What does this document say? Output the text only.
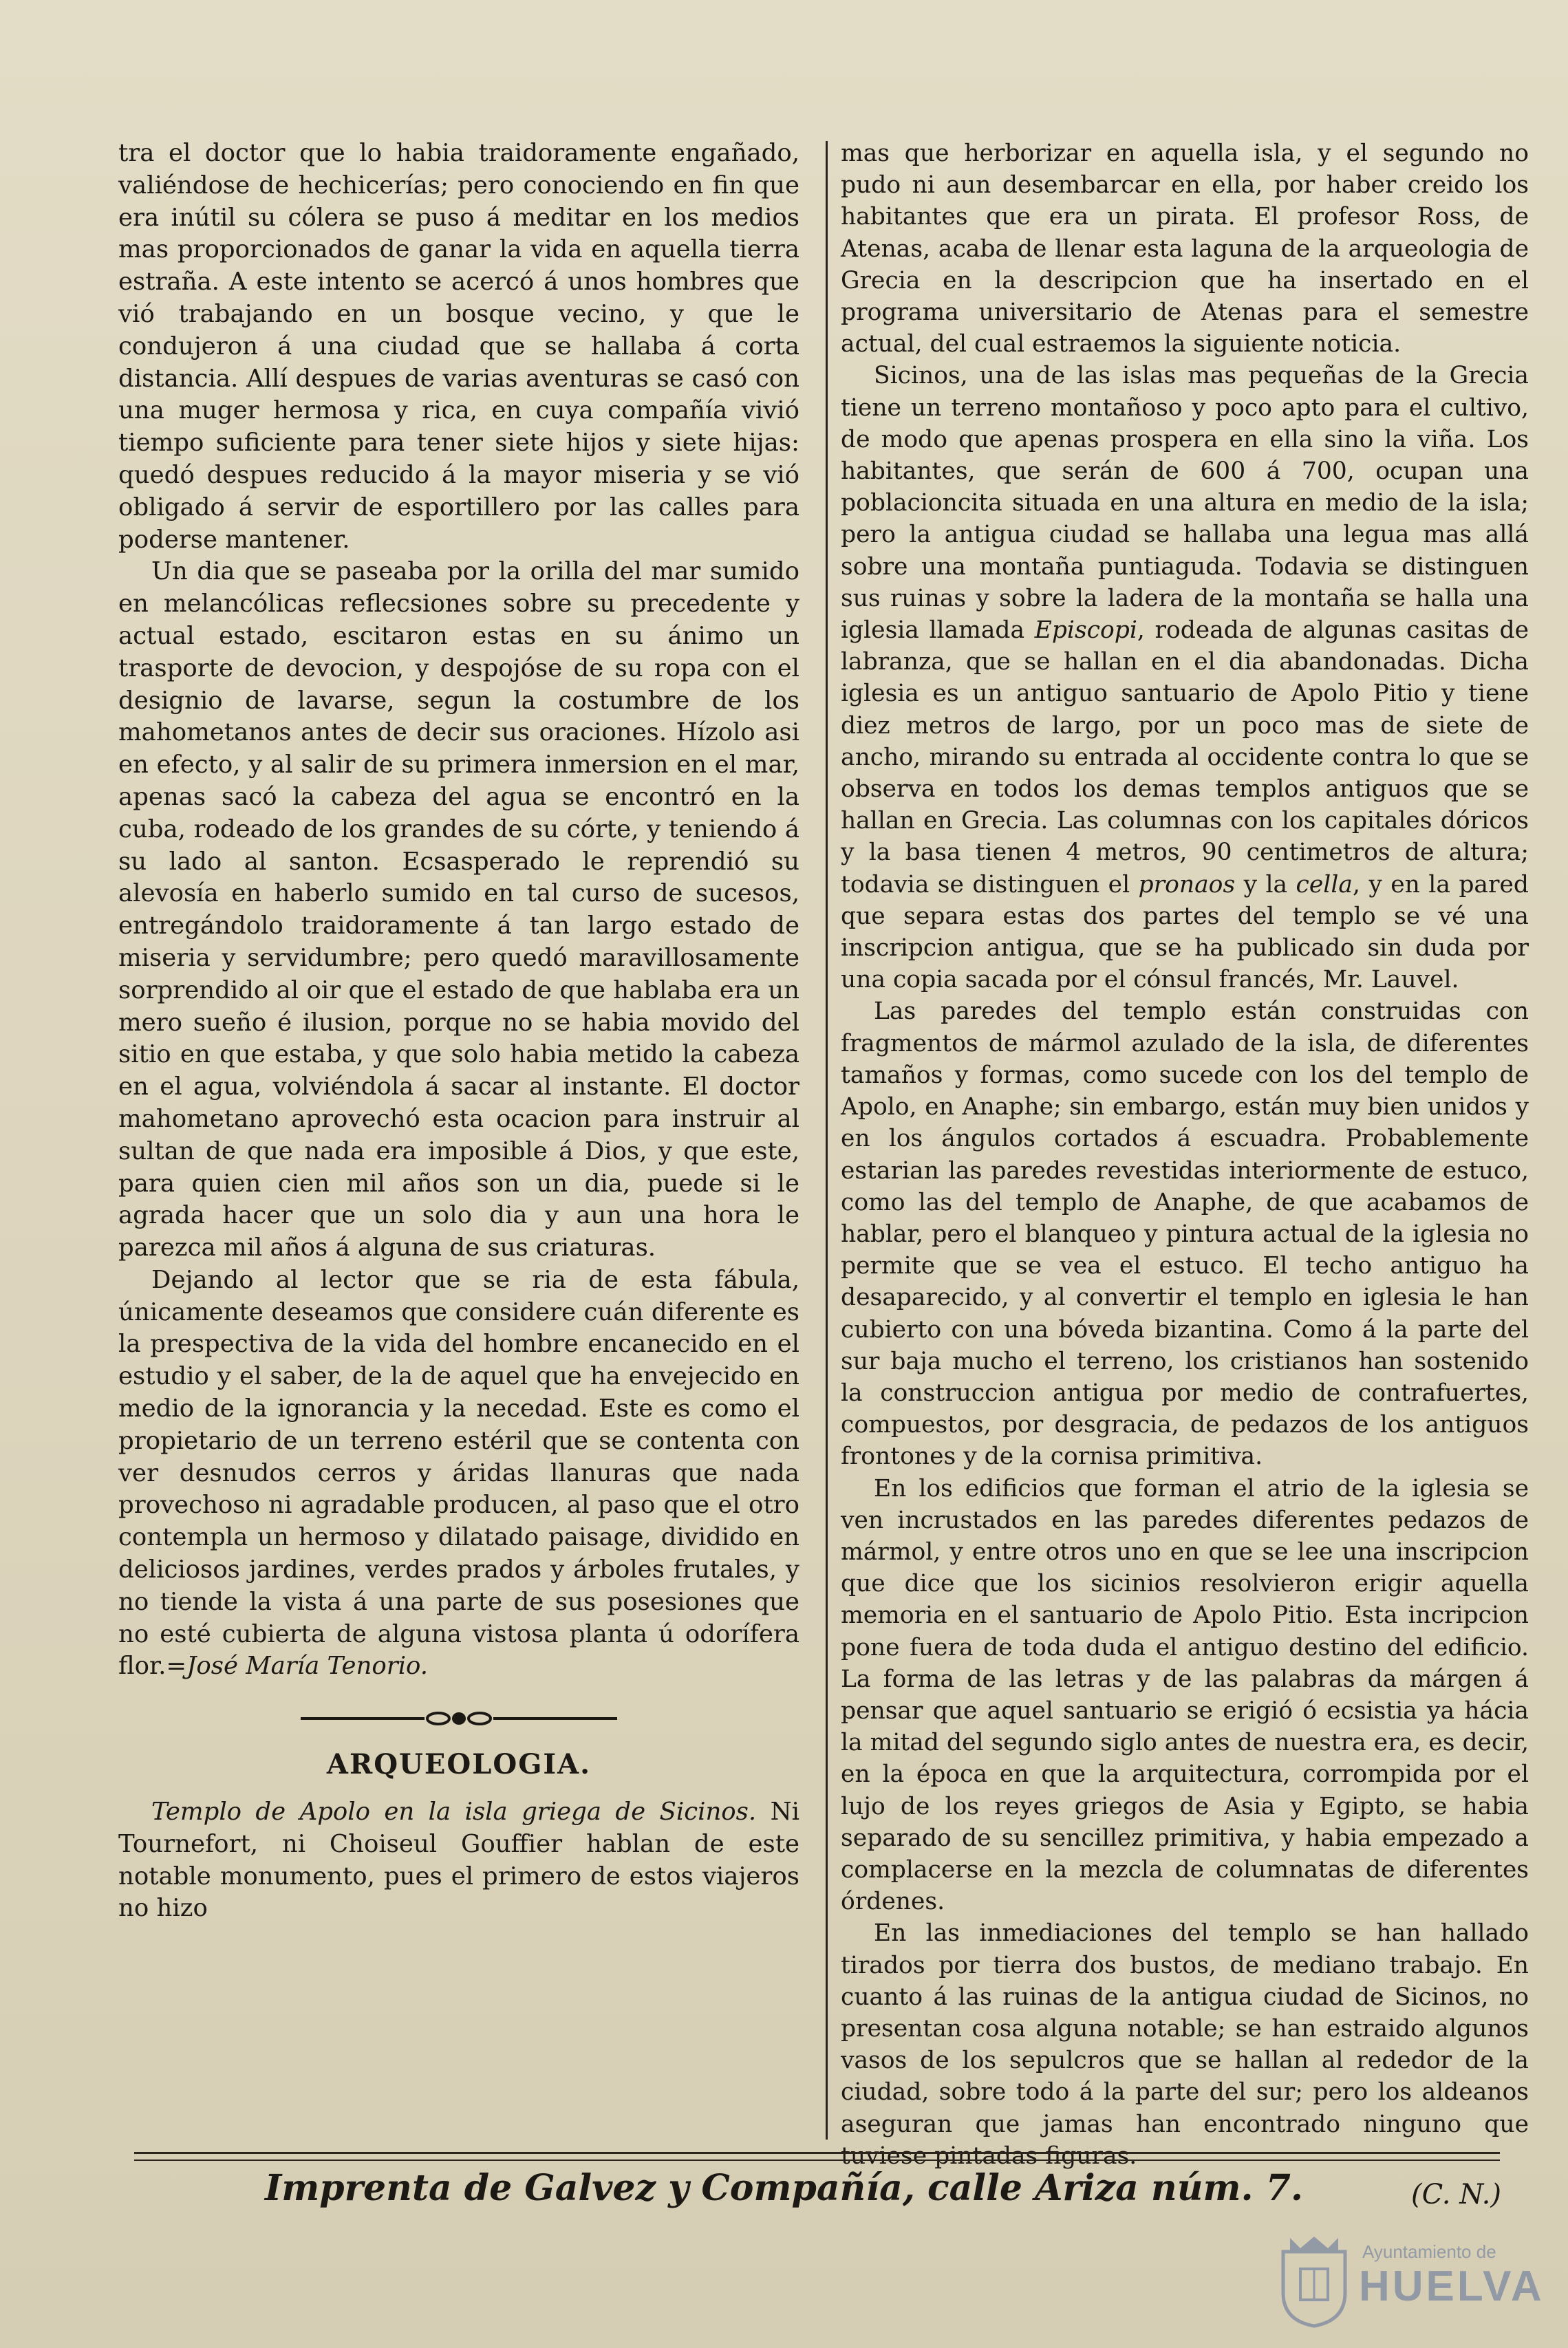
tra el doctor que lo habia traidoramente engañado, valiéndose de hechicerías; pero conociendo en fin que era inútil su cólera se puso á meditar en los medios mas proporcionados de ganar la vida en aquella tierra estraña. A este intento se acercó á unos hombres que vió trabajando en un bosque vecino, y que le condujeron á una ciudad que se hallaba á corta distancia. Allí despues de varias aventuras se casó con una muger hermosa y rica, en cuya compañía vivió tiempo suficiente para tener siete hijos y siete hijas: quedó despues reducido á la mayor miseria y se vió obligado á servir de esportillero por las calles para poderse mantener.

Un dia que se paseaba por la orilla del mar sumido en melancólicas reflecsiones sobre su precedente y actual estado, escitaron estas en su ánimo un trasporte de devocion, y despojóse de su ropa con el designio de lavarse, segun la costumbre de los mahometanos antes de decir sus oraciones. Hízolo asi en efecto, y al salir de su primera inmersion en el mar, apenas sacó la cabeza del agua se encontró en la cuba, rodeado de los grandes de su córte, y teniendo á su lado al santon. Ecsasperado le reprendió su alevosía en haberlo sumido en tal curso de sucesos, entregándolo traidoramente á tan largo estado de miseria y servidumbre; pero quedó maravillosamente sorprendido al oir que el estado de que hablaba era un mero sueño é ilusion, porque no se habia movido del sitio en que estaba, y que solo habia metido la cabeza en el agua, volviéndola á sacar al instante. El doctor mahometano aprovechó esta ocacion para instruir al sultan de que nada era imposible á Dios, y que este, para quien cien mil años son un dia, puede si le agrada hacer que un solo dia y aun una hora le parezca mil años á alguna de sus criaturas.

Dejando al lector que se ria de esta fábula, únicamente deseamos que considere cuán diferente es la prespectiva de la vida del hombre encanecido en el estudio y el saber, de la de aquel que ha envejecido en medio de la ignorancia y la necedad. Este es como el propietario de un terreno estéril que se contenta con ver desnudos cerros y áridas llanuras que nada provechoso ni agradable producen, al paso que el otro contempla un hermoso y dilatado paisage, dividido en deliciosos jardines, verdes prados y árboles frutales, y no tiende la vista á una parte de sus posesiones que no esté cubierta de alguna vistosa planta ú odorífera flor.=José María Tenorio.

ARQUEOLOGIA.

Templo de Apolo en la isla griega de Sicinos. Ni Tournefort, ni Choiseul Gouffier hablan de este notable monumento, pues el primero de estos viajeros no hizo

mas que herborizar en aquella isla, y el segundo no pudo ni aun desembarcar en ella, por haber creido los habitantes que era un pirata. El profesor Ross, de Atenas, acaba de llenar esta laguna de la arqueologia de Grecia en la descripcion que ha insertado en el programa universitario de Atenas para el semestre actual, del cual estraemos la siguiente noticia.

Sicinos, una de las islas mas pequeñas de la Grecia tiene un terreno montañoso y poco apto para el cultivo, de modo que apenas prospera en ella sino la viña. Los habitantes, que serán de 600 á 700, ocupan una poblacioncita situada en una altura en medio de la isla; pero la antigua ciudad se hallaba una legua mas allá sobre una montaña puntiaguda. Todavia se distinguen sus ruinas y sobre la ladera de la montaña se halla una iglesia llamada Episcopi, rodeada de algunas casitas de labranza, que se hallan en el dia abandonadas. Dicha iglesia es un antiguo santuario de Apolo Pitio y tiene diez metros de largo, por un poco mas de siete de ancho, mirando su entrada al occidente contra lo que se observa en todos los demas templos antiguos que se hallan en Grecia. Las columnas con los capitales dóricos y la basa tienen 4 metros, 90 centimetros de altura; todavia se distinguen el pronaos y la cella, y en la pared que separa estas dos partes del templo se vé una inscripcion antigua, que se ha publicado sin duda por una copia sacada por el cónsul francés, Mr. Lauvel.

Las paredes del templo están construidas con fragmentos de mármol azulado de la isla, de diferentes tamaños y formas, como sucede con los del templo de Apolo, en Anaphe; sin embargo, están muy bien unidos y en los ángulos cortados á escuadra. Probablemente estarian las paredes revestidas interiormente de estuco, como las del templo de Anaphe, de que acabamos de hablar, pero el blanqueo y pintura actual de la iglesia no permite que se vea el estuco. El techo antiguo ha desaparecido, y al convertir el templo en iglesia le han cubierto con una bóveda bizantina. Como á la parte del sur baja mucho el terreno, los cristianos han sostenido la construccion antigua por medio de contrafuertes, compuestos, por desgracia, de pedazos de los antiguos frontones y de la cornisa primitiva.

En los edificios que forman el atrio de la iglesia se ven incrustados en las paredes diferentes pedazos de mármol, y entre otros uno en que se lee una inscripcion que dice que los sicinios resolvieron erigir aquella memoria en el santuario de Apolo Pitio. Esta incripcion pone fuera de toda duda el antiguo destino del edificio. La forma de las letras y de las palabras da márgen á pensar que aquel santuario se erigió ó ecsistia ya hácia la mitad del segundo siglo antes de nuestra era, es decir, en la época en que la arquitectura, corrompida por el lujo de los reyes griegos de Asia y Egipto, se habia separado de su sencillez primitiva, y habia empezado a complacerse en la mezcla de columnatas de diferentes órdenes.

En las inmediaciones del templo se han hallado tirados por tierra dos bustos, de mediano trabajo. En cuanto á las ruinas de la antigua ciudad de Sicinos, no presentan cosa alguna notable; se han estraido algunos vasos de los sepulcros que se hallan al rededor de la ciudad, sobre todo á la parte del sur; pero los aldeanos aseguran que jamas han encontrado ninguno que tuviese pintadas figuras.

(C. N.)
Imprenta de Galvez y Compañía, calle Ariza núm. 7.
Ayuntamiento de
HUELVA
